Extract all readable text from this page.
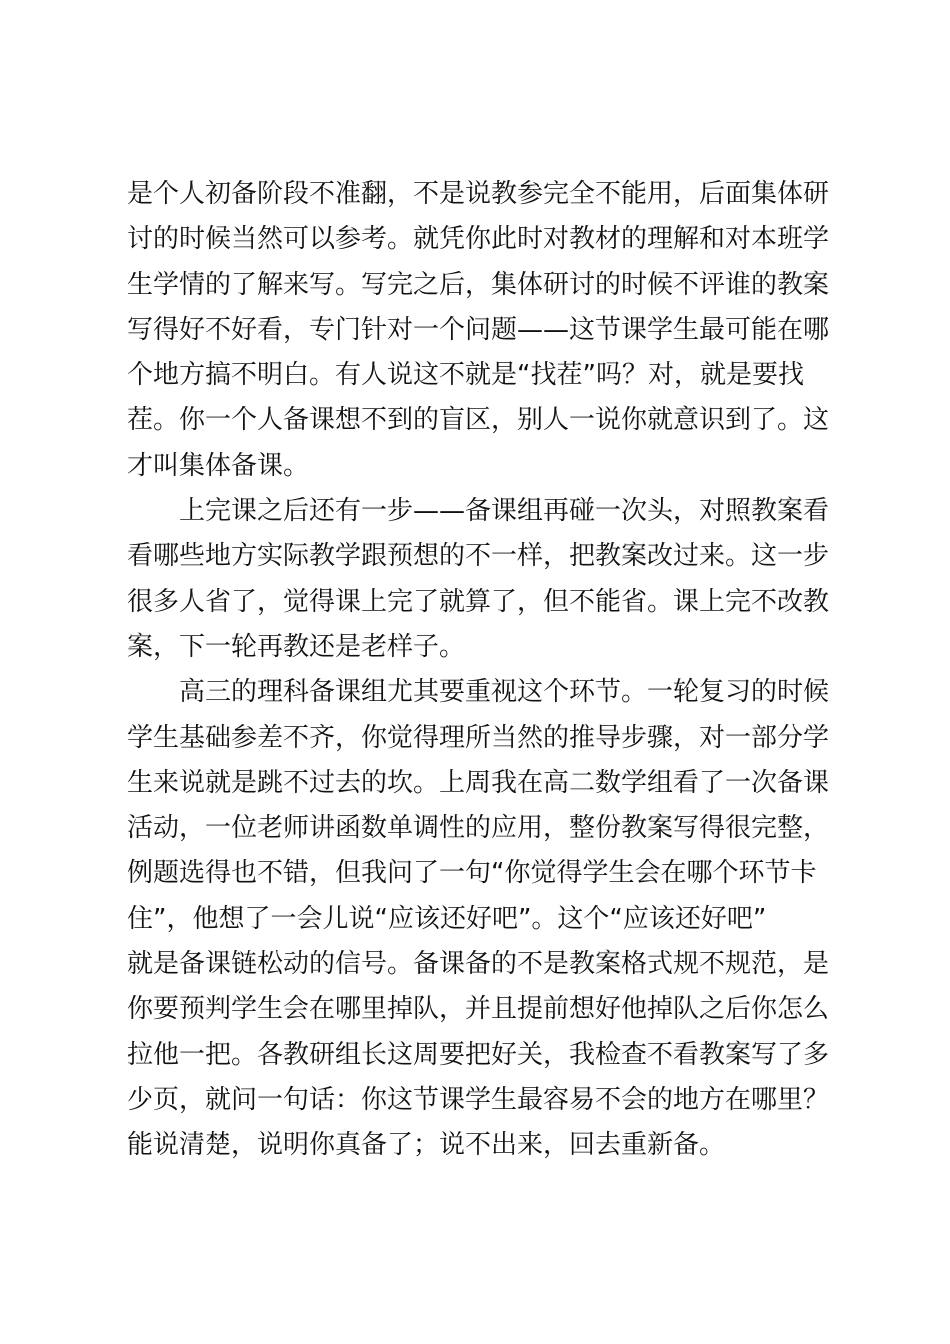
是个人初备阶段不准翻，不是说教参完全不能用，后面集体研
讨的时候当然可以参考。就凭你此时对教材的理解和对本班学
生学情的了解来写。写完之后，集体研讨的时候不评谁的教案
写得好不好看，专门针对一个问题——这节课学生最可能在哪
个地方搞不明白。有人说这不就是“找茬”吗？对，就是要找
茬。你一个人备课想不到的盲区，别人一说你就意识到了。这
才叫集体备课。
上完课之后还有一步——备课组再碰一次头，对照教案看
看哪些地方实际教学跟预想的不一样，把教案改过来。这一步
很多人省了，觉得课上完了就算了，但不能省。课上完不改教
案，下一轮再教还是老样子。
高三的理科备课组尤其要重视这个环节。一轮复习的时候
学生基础参差不齐，你觉得理所当然的推导步骤，对一部分学
生来说就是跳不过去的坎。上周我在高二数学组看了一次备课
活动，一位老师讲函数单调性的应用，整份教案写得很完整，
例题选得也不错，但我问了一句“你觉得学生会在哪个环节卡
住”，他想了一会儿说“应该还好吧”。这个“应该还好吧”
就是备课链松动的信号。备课备的不是教案格式规不规范，是
你要预判学生会在哪里掉队，并且提前想好他掉队之后你怎么
拉他一把。各教研组长这周要把好关，我检查不看教案写了多
少页，就问一句话：你这节课学生最容易不会的地方在哪里？
能说清楚，说明你真备了；说不出来，回去重新备。
